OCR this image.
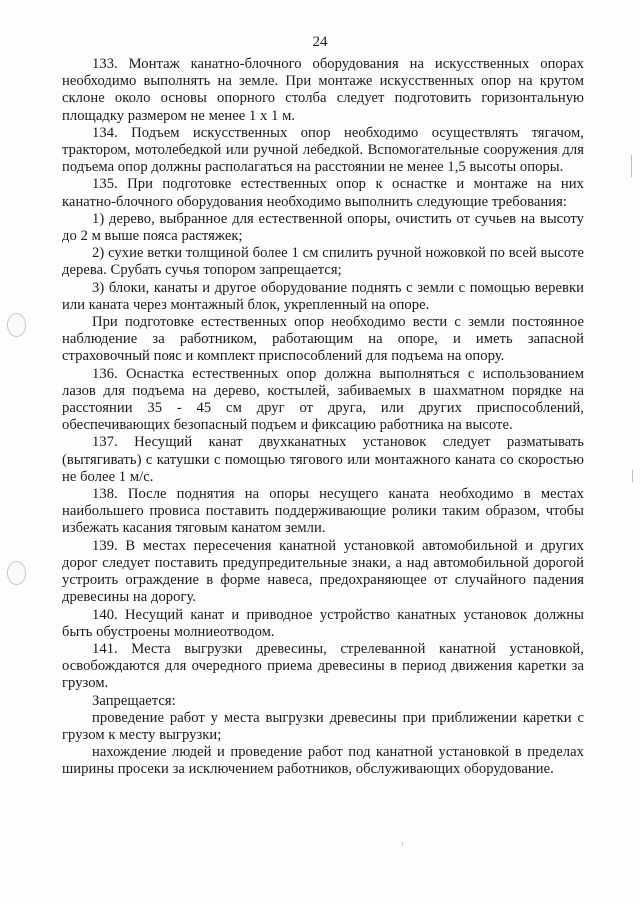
24

133. Монтаж канатно-блочного оборудования на искусственных опорах необходимо выполнять на земле. При монтаже искусственных опор на крутом склоне около основы опорного столба следует подготовить горизонтальную площадку размером не менее 1 х 1 м.

134. Подъем искусственных опор необходимо осуществлять тягачом, трактором, мотолебедкой или ручной лебедкой. Вспомогательные сооружения для подъема опор должны располагаться на расстоянии не менее 1,5 высоты опоры.

135. При подготовке естественных опор к оснастке и монтаже на них канатно-блочного оборудования необходимо выполнить следующие требования:

1) дерево, выбранное для естественной опоры, очистить от сучьев на высоту до 2 м выше пояса растяжек;

2) сухие ветки толщиной более 1 см спилить ручной ножовкой по всей высоте дерева. Срубать сучья топором запрещается;

3) блоки, канаты и другое оборудование поднять с земли с помощью веревки или каната через монтажный блок, укрепленный на опоре.

При подготовке естественных опор необходимо вести с земли постоянное наблюдение за работником, работающим на опоре, и иметь запасной страховочный пояс и комплект приспособлений для подъема на опору.

136. Оснастка естественных опор должна выполняться с использованием лазов для подъема на дерево, костылей, забиваемых в шахматном порядке на расстоянии 35 - 45 см друг от друга, или других приспособлений, обеспечивающих безопасный подъем и фиксацию работника на высоте.

137. Несущий канат двухканатных установок следует разматывать (вытягивать) с катушки с помощью тягового или монтажного каната со скоростью не более 1 м/с.

138. После поднятия на опоры несущего каната необходимо в местах наибольшего провиса поставить поддерживающие ролики таким образом, чтобы избежать касания тяговым канатом земли.

139. В местах пересечения канатной установкой автомобильной и других дорог следует поставить предупредительные знаки, а над автомобильной дорогой устроить ограждение в форме навеса, предохраняющее от случайного падения древесины на дорогу.

140. Несущий канат и приводное устройство канатных установок должны быть обустроены молниеотводом.

141. Места выгрузки древесины, стрелеванной канатной установкой, освобождаются для очередного приема древесины в период движения каретки за грузом.

Запрещается:

проведение работ у места выгрузки древесины при приближении каретки с грузом к месту выгрузки;

нахождение людей и проведение работ под канатной установкой в пределах ширины просеки за исключением работников, обслуживающих оборудование.
